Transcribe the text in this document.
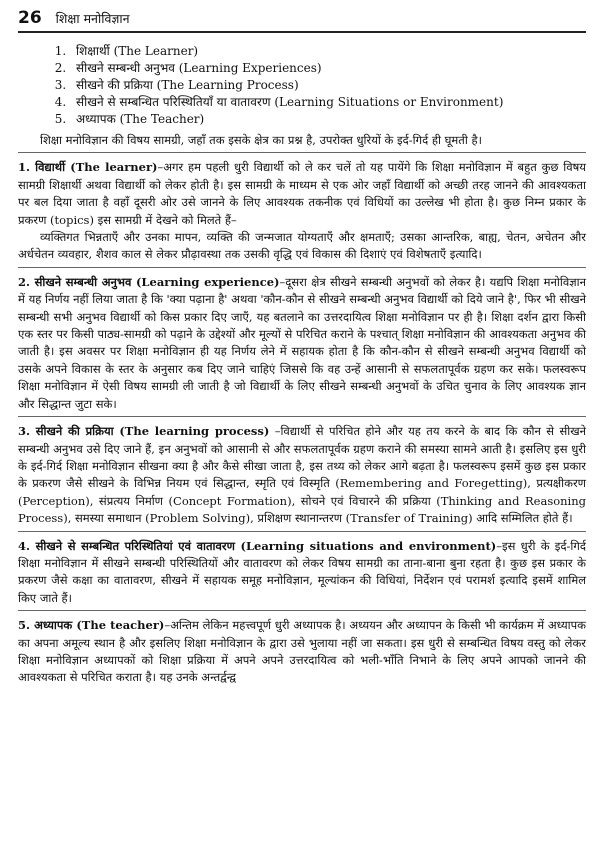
26 शिक्षा मनोविज्ञान
1. शिक्षार्थी (The Learner)
2. सीखने सम्बन्धी अनुभव (Learning Experiences)
3. सीखने की प्रक्रिया (The Learning Process)
4. सीखने से सम्बन्धित परिस्थितियाँ या वातावरण (Learning Situations or Environment)
5. अध्यापक (The Teacher)

शिक्षा मनोविज्ञान की विषय सामग्री, जहाँ तक इसके क्षेत्र का प्रश्न है, उपरोक्त धुरियों के इर्द-गिर्द ही घूमती है।

1. विद्यार्थी (The learner)–अगर हम पहली धुरी विद्यार्थी को ले कर चलें तो यह पायेंगे कि शिक्षा मनोविज्ञान में बहुत कुछ विषय सामग्री शिक्षार्थी अथवा विद्यार्थी को लेकर होती है। इस सामग्री के माध्यम से एक ओर जहाँ विद्यार्थी को अच्छी तरह जानने की आवश्यकता पर बल दिया जाता है वहाँ दूसरी ओर उसे जानने के लिए आवश्यक तकनीक एवं विधियों का उल्लेख भी होता है। कुछ निम्न प्रकार के प्रकरण (topics) इस सामग्री में देखने को मिलते हैं–

व्यक्तिगत भिन्नताएँ और उनका मापन, व्यक्ति की जन्मजात योग्यताएँ और क्षमताएँ; उसका आन्तरिक, बाह्य, चेतन, अचेतन और अर्धचेतन व्यवहार, शैशव काल से लेकर प्रौढ़ावस्था तक उसकी वृद्धि एवं विकास की दिशाएं एवं विशेषताएँ इत्यादि।

2. सीखने सम्बन्धी अनुभव (Learning experience)–दूसरा क्षेत्र सीखने सम्बन्धी अनुभवों को लेकर है। यद्यपि शिक्षा मनोविज्ञान में यह निर्णय नहीं लिया जाता है कि 'क्या पढ़ाना है' अथवा 'कौन-कौन से सीखने सम्बन्धी अनुभव विद्यार्थी को दिये जाने है', फिर भी सीखने सम्बन्धी सभी अनुभव विद्यार्थी को किस प्रकार दिए जाएँ, यह बतलाने का उत्तरदायित्व शिक्षा मनोविज्ञान पर ही है। शिक्षा दर्शन द्वारा किसी एक स्तर पर किसी पाठ्य-सामग्री को पढ़ाने के उद्देश्यों और मूल्यों से परिचित कराने के पश्चात् शिक्षा मनोविज्ञान की आवश्यकता अनुभव की जाती है। इस अवसर पर शिक्षा मनोविज्ञान ही यह निर्णय लेने में सहायक होता है कि कौन-कौन से सीखने सम्बन्धी अनुभव विद्यार्थी को उसके अपने विकास के स्तर के अनुसार कब दिए जाने चाहिएं जिससे कि वह उन्हें आसानी से सफलतापूर्वक ग्रहण कर सके। फलस्वरूप शिक्षा मनोविज्ञान में ऐसी विषय सामग्री ली जाती है जो विद्यार्थी के लिए सीखने सम्बन्धी अनुभवों के उचित चुनाव के लिए आवश्यक ज्ञान और सिद्धान्त जुटा सके।

3. सीखने की प्रक्रिया (The learning process) –विद्यार्थी से परिचित होने और यह तय करने के बाद कि कौन से सीखने सम्बन्धी अनुभव उसे दिए जाने हैं, इन अनुभवों को आसानी से और सफलतापूर्वक ग्रहण कराने की समस्या सामने आती है। इसलिए इस धुरी के इर्द-गिर्द शिक्षा मनोविज्ञान सीखना क्या है और कैसे सीखा जाता है, इस तथ्य को लेकर आगे बढ़ता है। फलस्वरूप इसमें कुछ इस प्रकार के प्रकरण जैसे सीखने के विभिन्न नियम एवं सिद्धान्त, स्मृति एवं विस्मृति (Remembering and Foregetting), प्रत्यक्षीकरण (Perception), संप्रत्यय निर्माण (Concept Formation), सोचने एवं विचारने की प्रक्रिया (Thinking and Reasoning Process), समस्या समाधान (Problem Solving), प्रशिक्षण स्थानान्तरण (Transfer of Training) आदि सम्मिलित होते हैं।

4. सीखने से सम्बन्धित परिस्थितियां एवं वातावरण (Learning situations and environment)–इस धुरी के इर्द-गिर्द शिक्षा मनोविज्ञान में सीखने सम्बन्धी परिस्थितियों और वातावरण को लेकर विषय सामग्री का ताना-बाना बुना रहता है। कुछ इस प्रकार के प्रकरण जैसे कक्षा का वातावरण, सीखने में सहायक समूह मनोविज्ञान, मूल्यांकन की विधियां, निर्देशन एवं परामर्श इत्यादि इसमें शामिल किए जाते हैं।

5. अध्यापक (The teacher)–अन्तिम लेकिन महत्त्वपूर्ण धुरी अध्यापक है। अध्ययन और अध्यापन के किसी भी कार्यक्रम में अध्यापक का अपना अमूल्य स्थान है और इसलिए शिक्षा मनोविज्ञान के द्वारा उसे भुलाया नहीं जा सकता। इस धुरी से सम्बन्धित विषय वस्तु को लेकर शिक्षा मनोविज्ञान अध्यापकों को शिक्षा प्रक्रिया में अपने अपने उत्तरदायित्व को भली-भाँति निभाने के लिए अपने आपको जानने की आवश्यकता से परिचित कराता है। यह उनके अन्तर्द्वन्द्व
